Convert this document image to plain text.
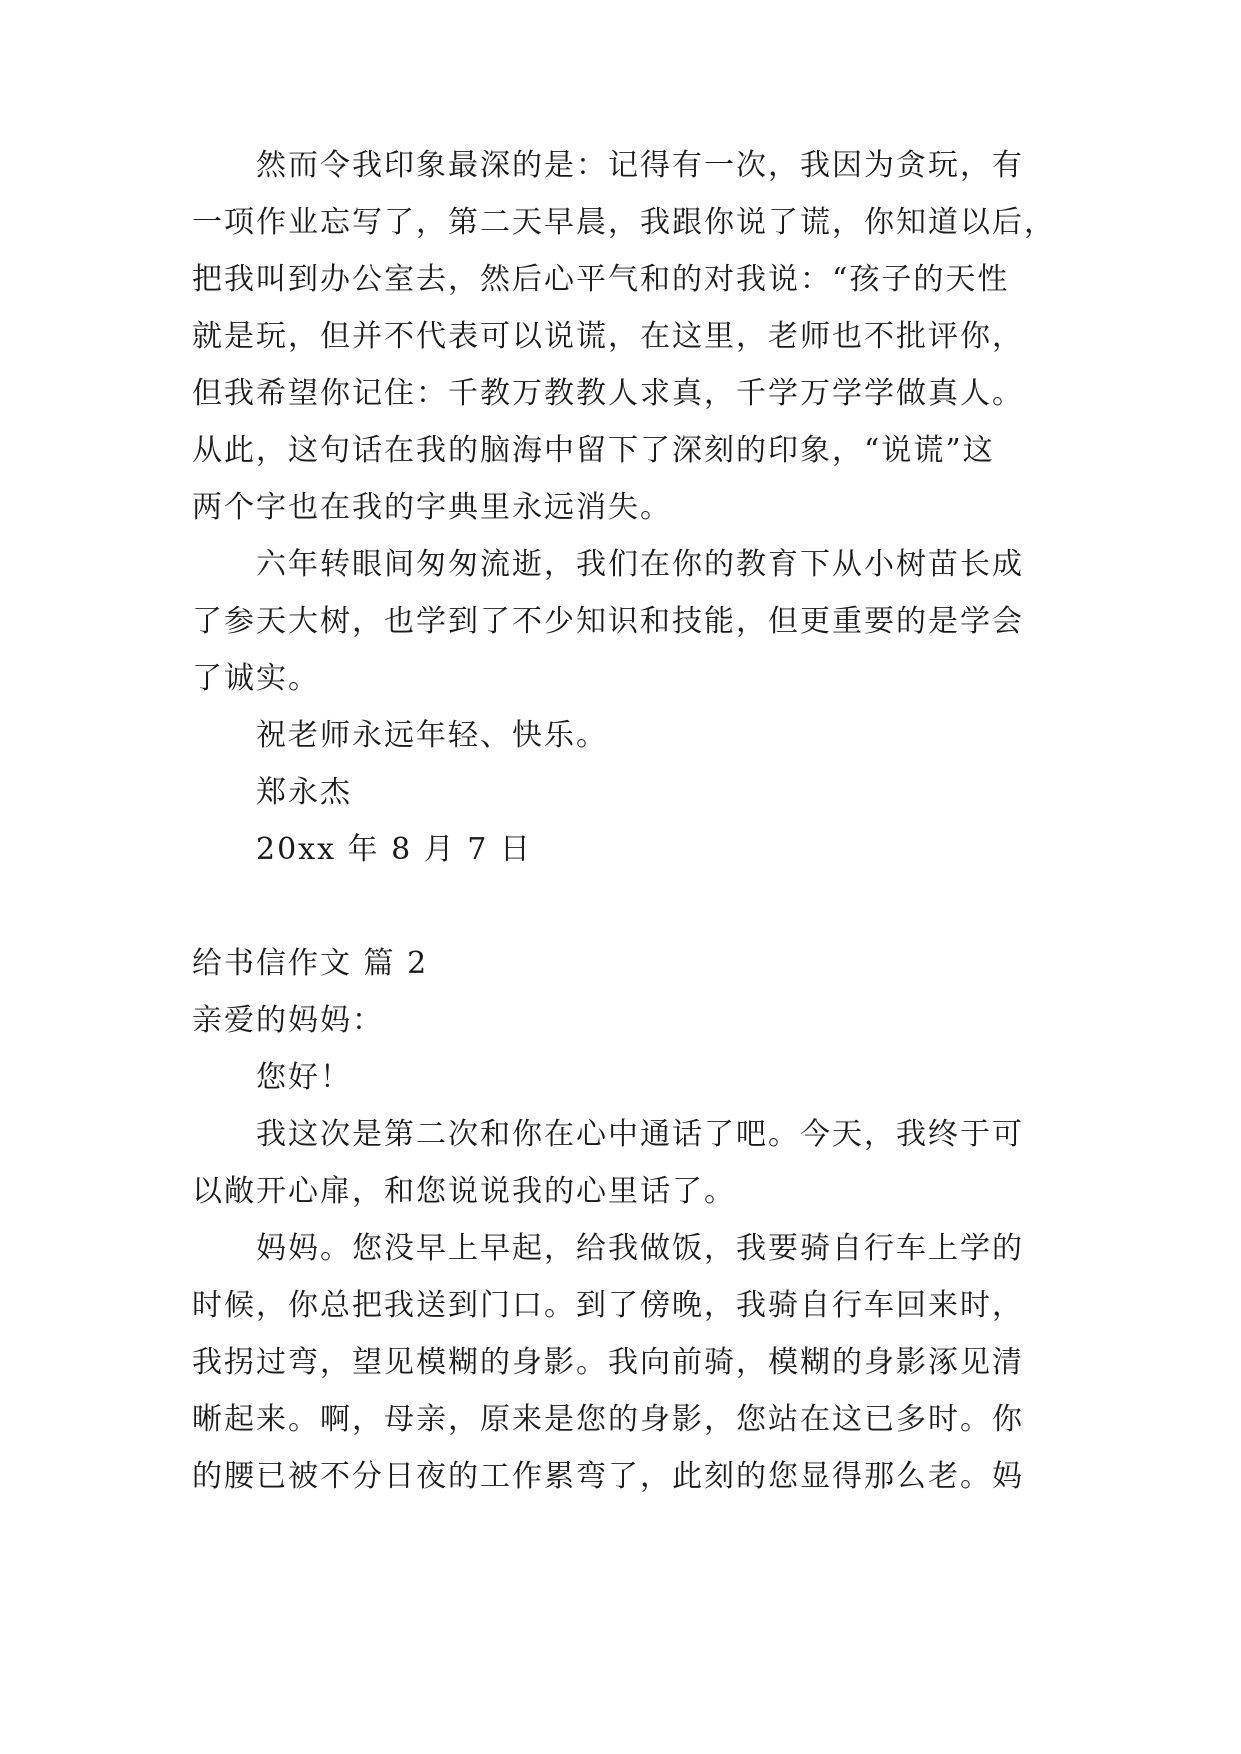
然而令我印象最深的是：记得有一次，我因为贪玩，有
一项作业忘写了，第二天早晨，我跟你说了谎，你知道以后，
把我叫到办公室去，然后心平气和的对我说：“孩子的天性
就是玩，但并不代表可以说谎，在这里，老师也不批评你，
但我希望你记住：千教万教教人求真，千学万学学做真人。
从此，这句话在我的脑海中留下了深刻的印象，“说谎”这
两个字也在我的字典里永远消失。
六年转眼间匆匆流逝，我们在你的教育下从小树苗长成
了参天大树，也学到了不少知识和技能，但更重要的是学会
了诚实。
祝老师永远年轻、快乐。
郑永杰
20xx 年 8 月 7 日
给书信作文 篇 2
亲爱的妈妈：
您好！
我这次是第二次和你在心中通话了吧。今天，我终于可
以敞开心扉，和您说说我的心里话了。
妈妈。您没早上早起，给我做饭，我要骑自行车上学的
时候，你总把我送到门口。到了傍晚，我骑自行车回来时，
我拐过弯，望见模糊的身影。我向前骑，模糊的身影涿见清
晰起来。啊，母亲，原来是您的身影，您站在这已多时。你
的腰已被不分日夜的工作累弯了，此刻的您显得那么老。妈
